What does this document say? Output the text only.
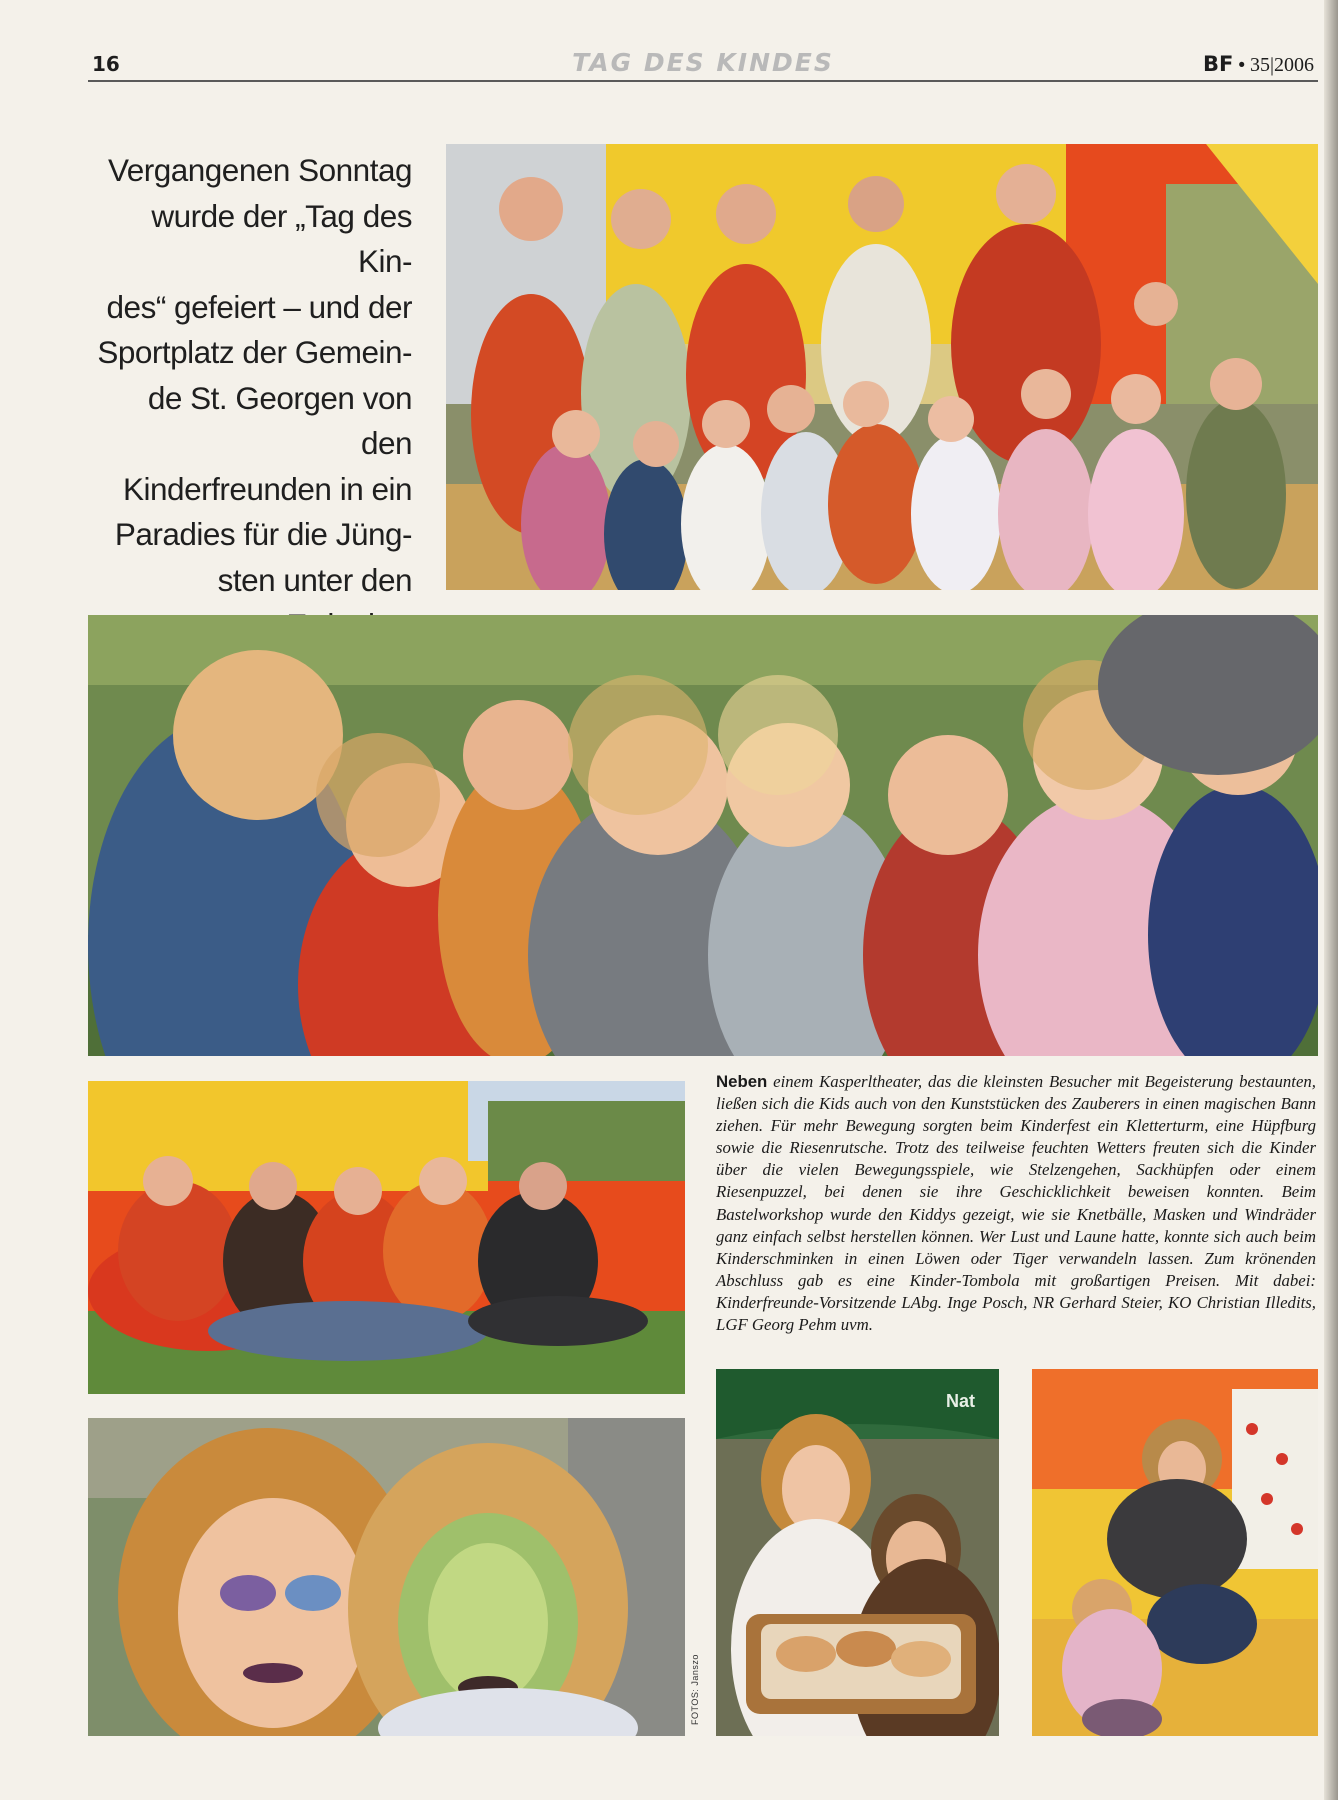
16	TAG DES KINDES	BF • 35|2006
Vergangenen Sonntag
wurde der „Tag des Kin-
des“ gefeiert – und der
Sportplatz der Gemein-
de St. Georgen von den
Kinderfreunden in ein
Paradies für die Jüng-
sten unter den
Nat
FOTOS: Janszo
Neben einem Kasperltheater, das die kleinsten Besucher mit Begeisterung bestaunten, ließen sich die Kids auch von den Kunststücken des Zauberers in einen magischen Bann ziehen. Für mehr Bewegung sorgten beim Kinderfest ein Kletterturm, eine Hüpfburg sowie die Riesenrutsche. Trotz des teilweise feuchten Wetters freuten sich die Kinder über die vielen Bewegungsspiele, wie Stelzengehen, Sackhüpfen oder einem Riesenpuzzel, bei denen sie ihre Geschicklichkeit beweisen konnten. Beim Bastelworkshop wurde den Kiddys gezeigt, wie sie Knetbälle, Masken und Windräder ganz einfach selbst herstellen können. Wer Lust und Laune hatte, konnte sich auch beim Kinderschminken in einen Löwen oder Tiger verwandeln lassen. Zum krönenden Abschluss gab es eine Kinder-Tombola mit großartigen Preisen. Mit dabei: Kinderfreunde-Vorsitzende LAbg. Inge Posch, NR Gerhard Steier, KO Christian Illedits, LGF Georg Pehm uvm.
